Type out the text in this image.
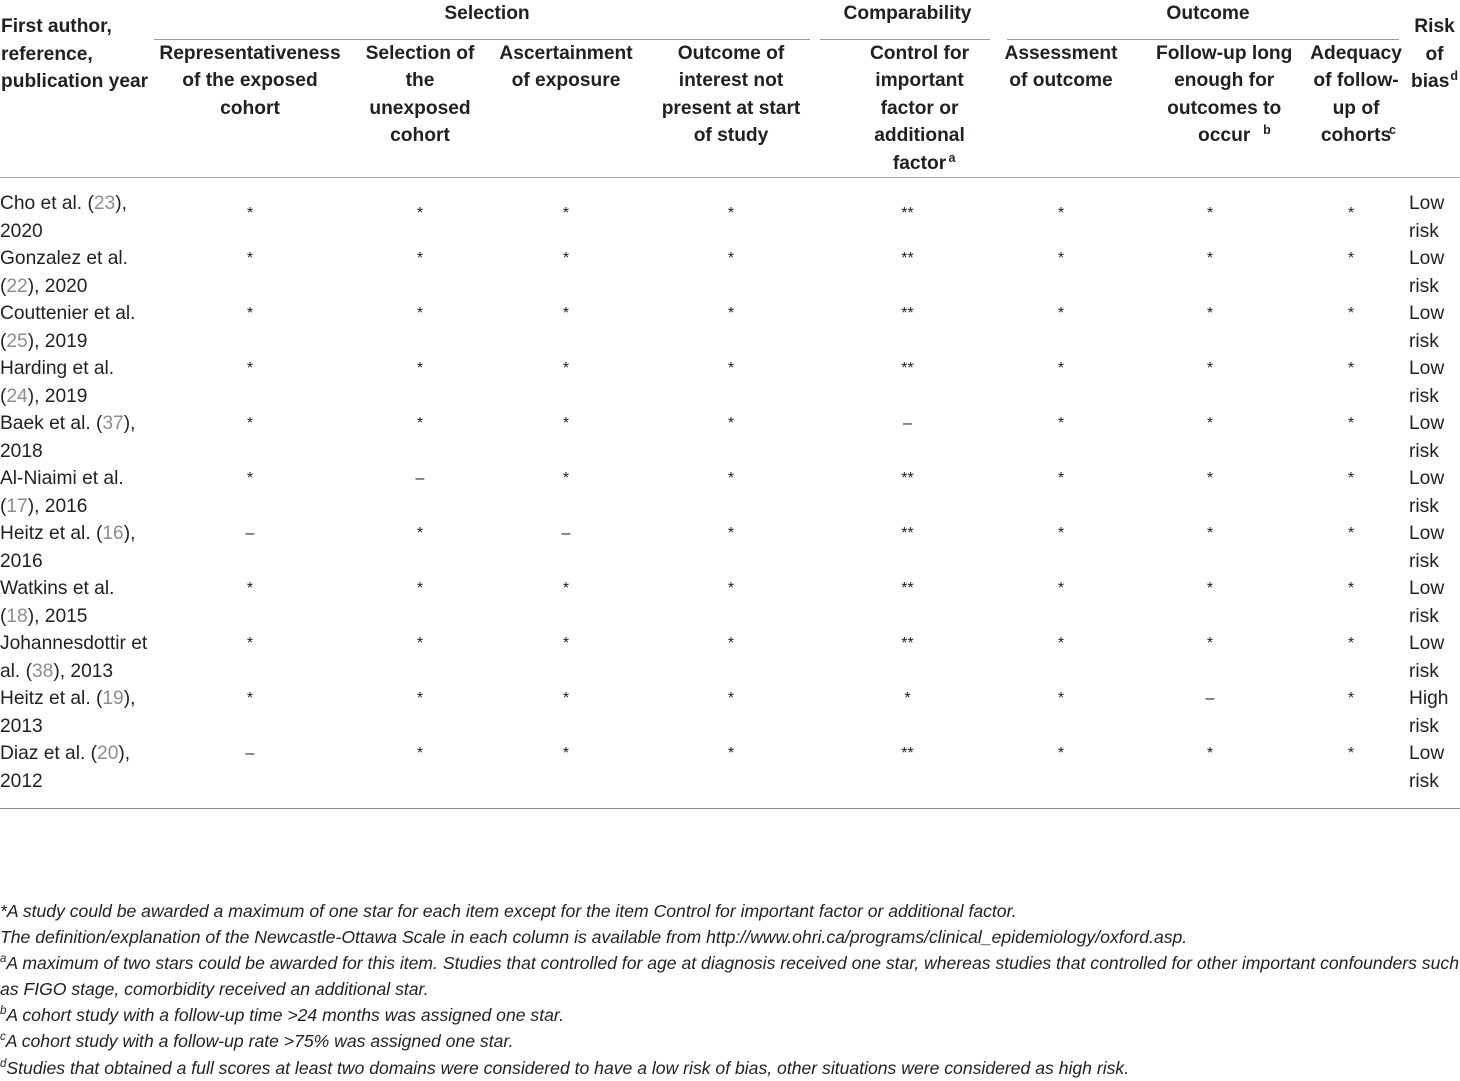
First author, reference, publication year	Selection				Comparability	Outcome			Risk of bias$^d$
	Representativeness of the exposed cohort	Selection of the unexposed cohort	Ascertainment of exposure	Outcome of interest not present at start of study	Control for important factor or additional factor $^a$	Assessment of outcome	Follow-up long enough for outcomes to occur $^b$	Adequacy of follow-up of cohorts$^c$
Cho et al. (23), 2020	*	*	*	*	**	*	*	*	Low risk
Gonzalez et al. (22), 2020	*	*	*	*	**	*	*	*	Low risk
Couttenier et al. (25), 2019	*	*	*	*	**	*	*	*	Low risk
Harding et al. (24), 2019	*	*	*	*	**	*	*	*	Low risk
Baek et al. (37), 2018	*	*	*	*	–	*	*	*	Low risk
Al-Niaimi et al. (17), 2016	*	–	*	*	**	*	*	*	Low risk
Heitz et al. (16), 2016	–	*	–	*	**	*	*	*	Low risk
Watkins et al. (18), 2015	*	*	*	*	**	*	*	*	Low risk
Johannesdottir et al. (38), 2013	*	*	*	*	**	*	*	*	Low risk
Heitz et al. (19), 2013	*	*	*	*	*	*	–	*	High risk
Diaz et al. (20), 2012	–	*	*	*	**	*	*	*	Low risk

*A study could be awarded a maximum of one star for each item except for the item Control for important factor or additional factor.

The definition/explanation of the Newcastle-Ottawa Scale in each column is available from http://www.ohri.ca/programs/clinical_epidemiology/oxford.asp.

$^a$A maximum of two stars could be awarded for this item. Studies that controlled for age at diagnosis received one star, whereas studies that controlled for other important confounders such as FIGO stage, comorbidity received an additional star.

$^b$A cohort study with a follow-up time >24 months was assigned one star.

$^c$A cohort study with a follow-up rate >75% was assigned one star.

$^d$Studies that obtained a full scores at least two domains were considered to have a low risk of bias, other situations were considered as high risk.
